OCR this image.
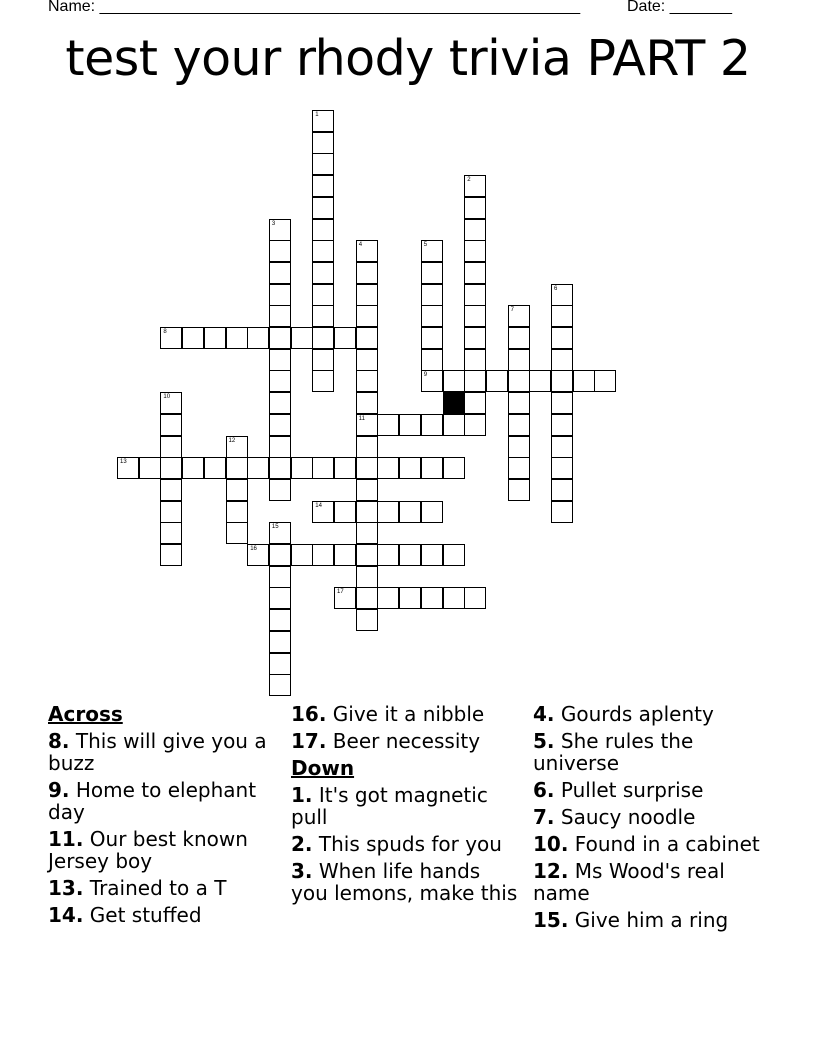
Name: ______________________________________________________	Date: _______
test your rhody trivia PART 2
1
2
3
4
11
5
9
6
7
8
10
12
13
14
15
16
17
Across
8. This will give you a buzz
9. Home to elephant day
11. Our best known Jersey boy
13. Trained to a T
14. Get stuffed
16. Give it a nibble
17. Beer necessity
Down
1. It's got magnetic pull
2. This spuds for you
3. When life hands you lemons, make this
4. Gourds aplenty
5. She rules the universe
6. Pullet surprise
7. Saucy noodle
10. Found in a cabinet
12. Ms Wood's real name
15. Give him a ring
